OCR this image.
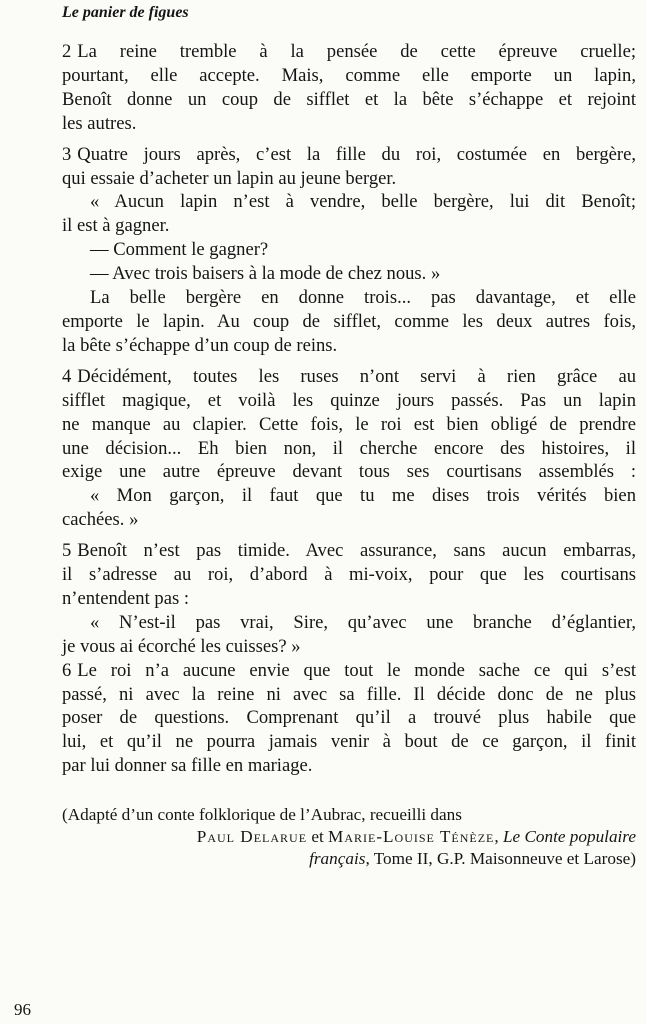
Le panier de figues
2 La reine tremble à la pensée de cette épreuve cruelle;
pourtant, elle accepte. Mais, comme elle emporte un lapin,
Benoît donne un coup de sifflet et la bête s’échappe et rejoint
les autres.
3 Quatre jours après, c’est la fille du roi, costumée en bergère,
qui essaie d’acheter un lapin au jeune berger.
« Aucun lapin n’est à vendre, belle bergère, lui dit Benoît;
il est à gagner.
— Comment le gagner?
— Avec trois baisers à la mode de chez nous. »
La belle bergère en donne trois... pas davantage, et elle
emporte le lapin. Au coup de sifflet, comme les deux autres fois,
la bête s’échappe d’un coup de reins.
4 Décidément, toutes les ruses n’ont servi à rien grâce au
sifflet magique, et voilà les quinze jours passés. Pas un lapin
ne manque au clapier. Cette fois, le roi est bien obligé de prendre
une décision... Eh bien non, il cherche encore des histoires, il
exige une autre épreuve devant tous ses courtisans assemblés :
« Mon garçon, il faut que tu me dises trois vérités bien
cachées. »
5 Benoît n’est pas timide. Avec assurance, sans aucun embarras,
il s’adresse au roi, d’abord à mi-voix, pour que les courtisans
n’entendent pas :
« N’est-il pas vrai, Sire, qu’avec une branche d’églantier,
je vous ai écorché les cuisses? »
6 Le roi n’a aucune envie que tout le monde sache ce qui s’est
passé, ni avec la reine ni avec sa fille. Il décide donc de ne plus
poser de questions. Comprenant qu’il a trouvé plus habile que
lui, et qu’il ne pourra jamais venir à bout de ce garçon, il finit
par lui donner sa fille en mariage.
(Adapté d’un conte folklorique de l’Aubrac, recueilli dans
Paul Delarue et Marie-Louise Ténèze, Le Conte populaire
français, Tome II, G.P. Maisonneuve et Larose)
96
